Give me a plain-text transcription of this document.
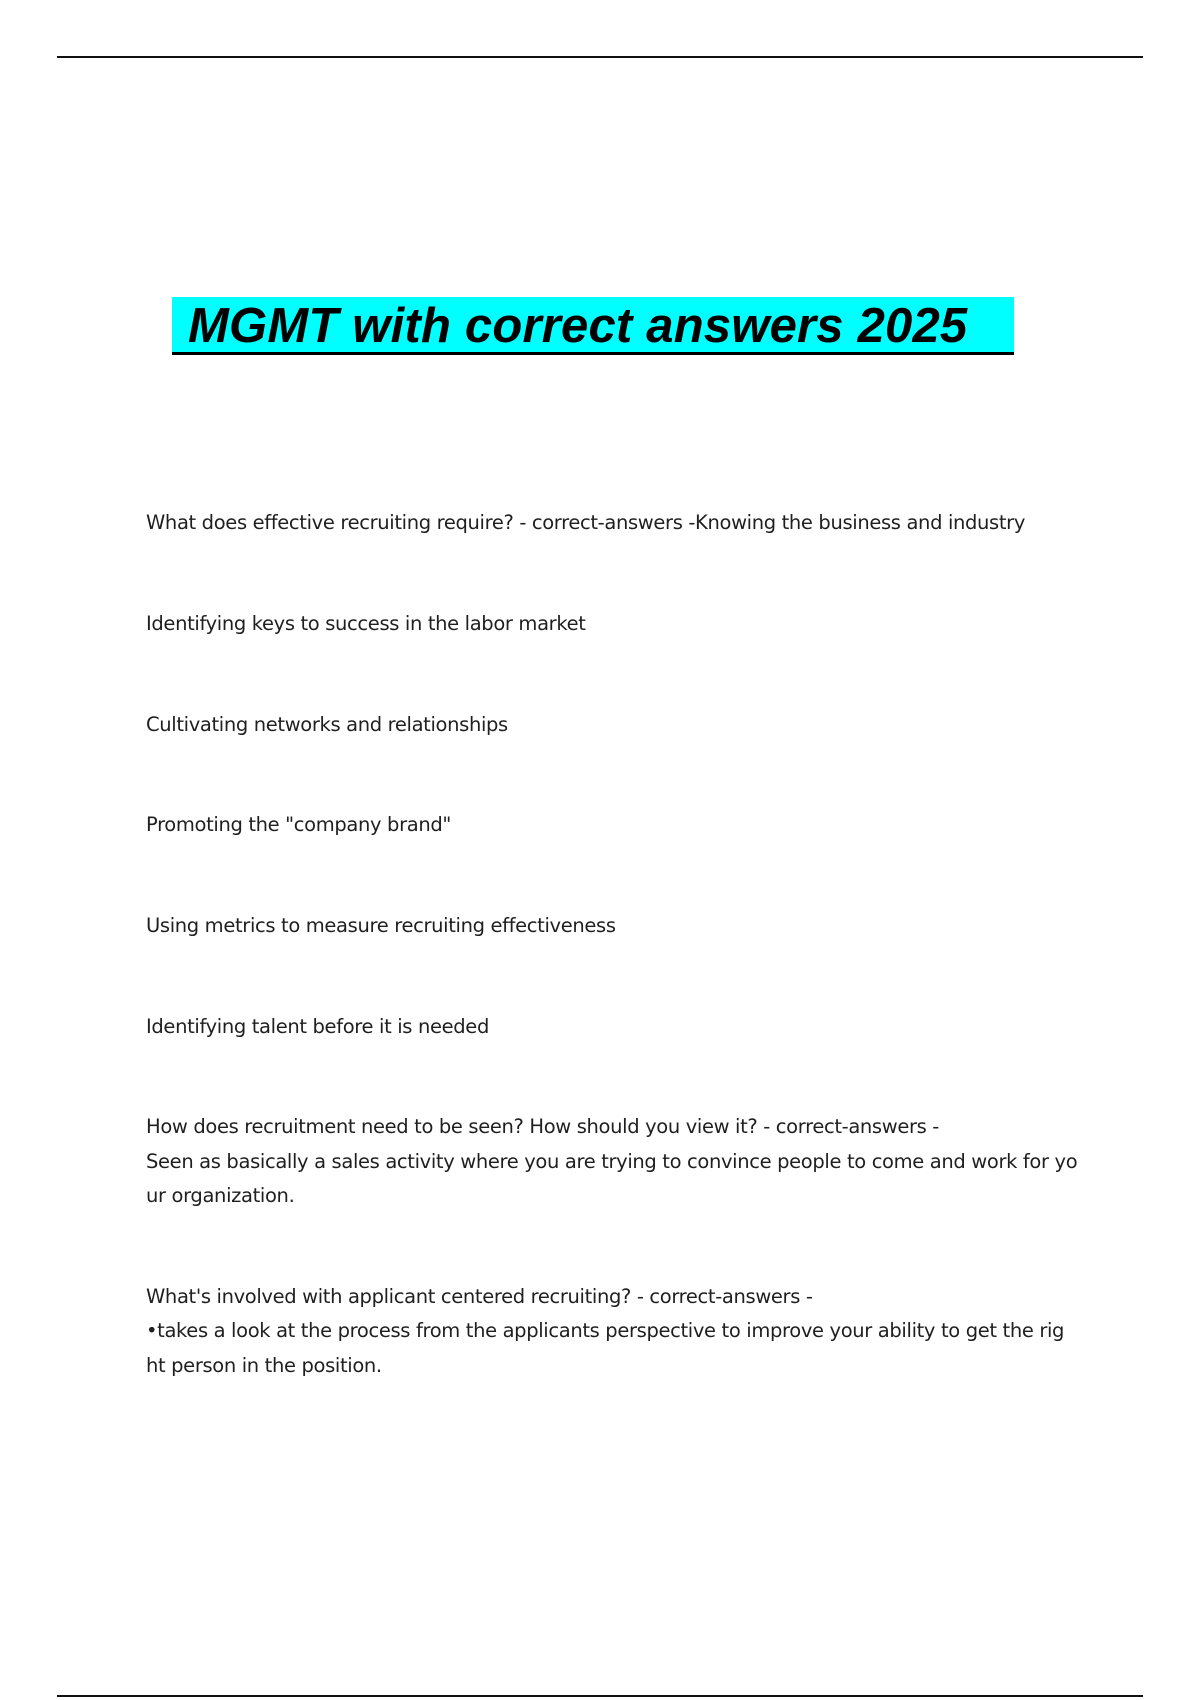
MGMT with correct answers 2025
What does effective recruiting require? - correct-answers -Knowing the business and industry
Identifying keys to success in the labor market
Cultivating networks and relationships
Promoting the "company brand"
Using metrics to measure recruiting effectiveness
Identifying talent before it is needed
How does recruitment need to be seen? How should you view it? - correct-answers -
Seen as basically a sales activity where you are trying to convince people to come and work for yo
ur organization.
What's involved with applicant centered recruiting? - correct-answers -
•takes a look at the process from the applicants perspective to improve your ability to get the rig
ht person in the position.
